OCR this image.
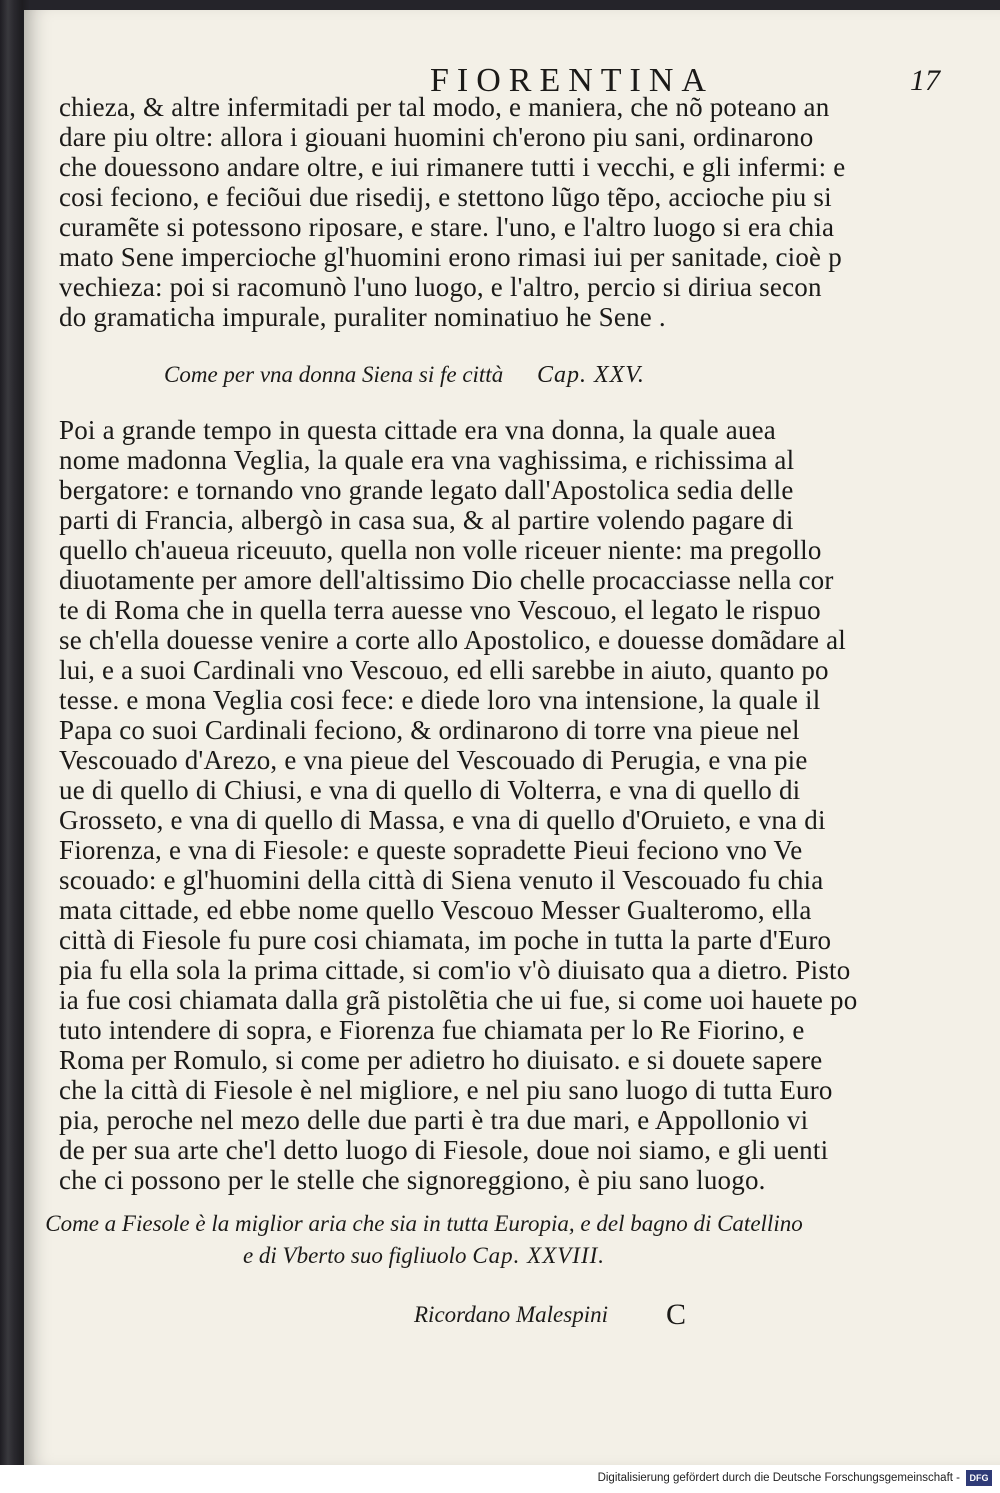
FIORENTINA	17

chieza, & altre infermitadi per tal modo, e maniera, che nõ poteano an

dare piu oltre: allora i giouani huomini ch'erono piu sani, ordinarono

che douessono andare oltre, e iui rimanere tutti i vecchi, e gli infermi: e

cosi feciono, e feciõui due risedij, e stettono lũgo tẽpo, accioche piu si

curamẽte si potessono riposare, e stare. l'uno, e l'altro luogo si era chia

mato Sene impercioche gl'huomini erono rimasi iui per sanitade, cioè p

vechieza: poi si racomunò l'uno luogo, e l'altro, percio si diriua secon

do gramaticha impurale, puraliter nominatiuo he Sene .

Come per vna donna Siena si fe città Cap. XXV.

Poi a grande tempo in questa cittade era vna donna, la quale auea

nome madonna Veglia, la quale era vna vaghissima, e richissima al

bergatore: e tornando vno grande legato dall'Apostolica sedia delle

parti di Francia, albergò in casa sua, & al partire volendo pagare di

quello ch'aueua riceuuto, quella non volle riceuer niente: ma pregollo

diuotamente per amore dell'altissimo Dio chelle procacciasse nella cor

te di Roma che in quella terra auesse vno Vescouo, el legato le rispuo

se ch'ella douesse venire a corte allo Apostolico, e douesse domãdare al

lui, e a suoi Cardinali vno Vescouo, ed elli sarebbe in aiuto, quanto po

tesse. e mona Veglia cosi fece: e diede loro vna intensione, la quale il

Papa co suoi Cardinali feciono, & ordinarono di torre vna pieue nel

Vescouado d'Arezo, e vna pieue del Vescouado di Perugia, e vna pie

ue di quello di Chiusi, e vna di quello di Volterra, e vna di quello di

Grosseto, e vna di quello di Massa, e vna di quello d'Oruieto, e vna di

Fiorenza, e vna di Fiesole: e queste sopradette Pieui feciono vno Ve

scouado: e gl'huomini della città di Siena venuto il Vescouado fu chia

mata cittade, ed ebbe nome quello Vescouo Messer Gualteromo, ella

città di Fiesole fu pure cosi chiamata, im poche in tutta la parte d'Euro

pia fu ella sola la prima cittade, si com'io v'ò diuisato qua a dietro. Pisto

ia fue cosi chiamata dalla grã pistolẽtia che ui fue, si come uoi hauete po

tuto intendere di sopra, e Fiorenza fue chiamata per lo Re Fiorino, e

Roma per Romulo, si come per adietro ho diuisato. e si douete sapere

che la città di Fiesole è nel migliore, e nel piu sano luogo di tutta Euro

pia, peroche nel mezo delle due parti è tra due mari, e Appollonio vi

de per sua arte che'l detto luogo di Fiesole, doue noi siamo, e gli uenti

che ci possono per le stelle che signoreggiono, è piu sano luogo.

Come a Fiesole è la miglior aria che sia in tutta Europia, e del bagno di Catellino
e di Vberto suo figliuolo Cap. XXVIII.
Ricordano Malespini C
Digitalisierung gefördert durch die Deutsche Forschungsgemeinschaft -	DFG
